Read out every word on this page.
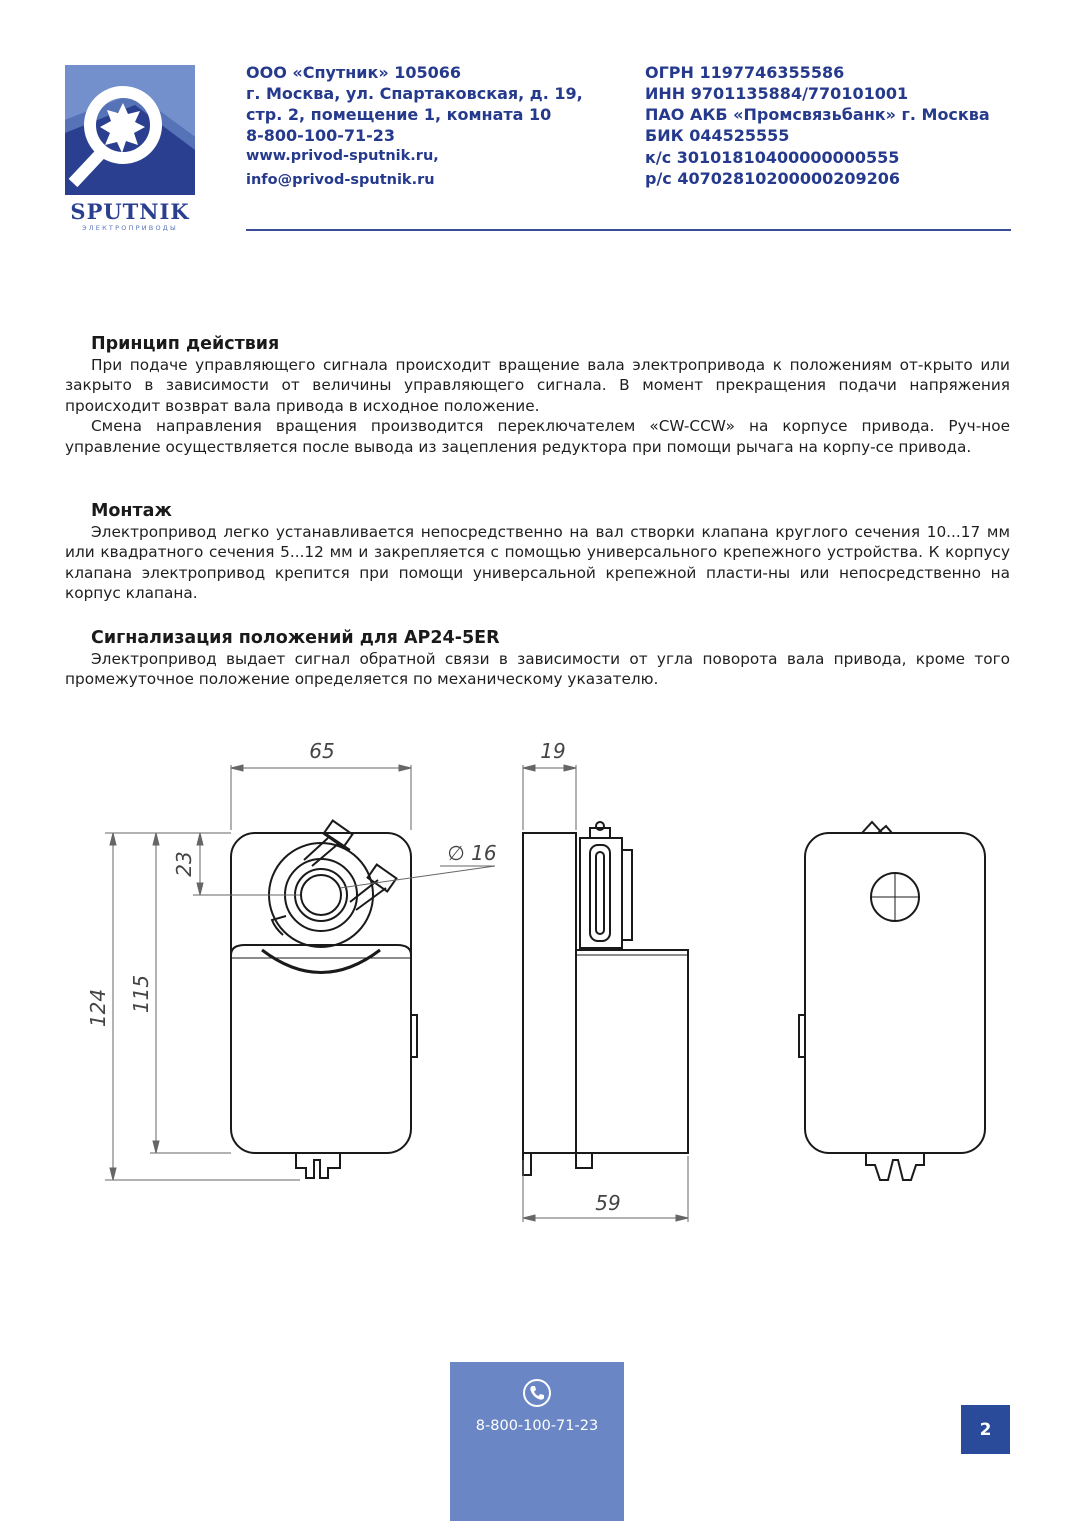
SPUTNIK
ЭЛЕКТРОПРИВОДЫ
ООО «Спутник» 105066
г. Москва, ул. Спартаковская, д. 19,
стр. 2, помещение 1, комната 10
8-800-100-71-23
www.privod-sputnik.ru,
info@privod-sputnik.ru
ОГРН 1197746355586
ИНН 9701135884/770101001
ПАО АКБ «Промсвязьбанк» г. Москва
БИК 044525555
к/с 30101810400000000555
р/с 40702810200000209206
Принцип действия

При подаче управляющего сигнала происходит вращение вала электропривода к положениям от-крыто или закрыто в зависимости от величины управляющего сигнала. В момент прекращения подачи напряжения происходит возврат вала привода в исходное положение.

Смена направления вращения производится переключателем «CW-CCW» на корпусе привода. Руч-ное управление осуществляется после вывода из зацепления редуктора при помощи рычага на корпу-се привода.

Монтаж

Электропривод легко устанавливается непосредственно на вал створки клапана круглого сечения 10...17 мм или квадратного сечения 5...12 мм и закрепляется с помощью универсального крепежного устройства. К корпусу клапана электропривод крепится при помощи универсальной крепежной пласти-ны или непосредственно на корпус клапана.

Сигнализация положений для AP24-5ER

Электропривод выдает сигнал обратной связи в зависимости от угла поворота вала привода, кроме того промежуточное положение определяется по механическому указателю.

65	19
59
∅ 16
124 115
23
8-800-100-71-23	2
